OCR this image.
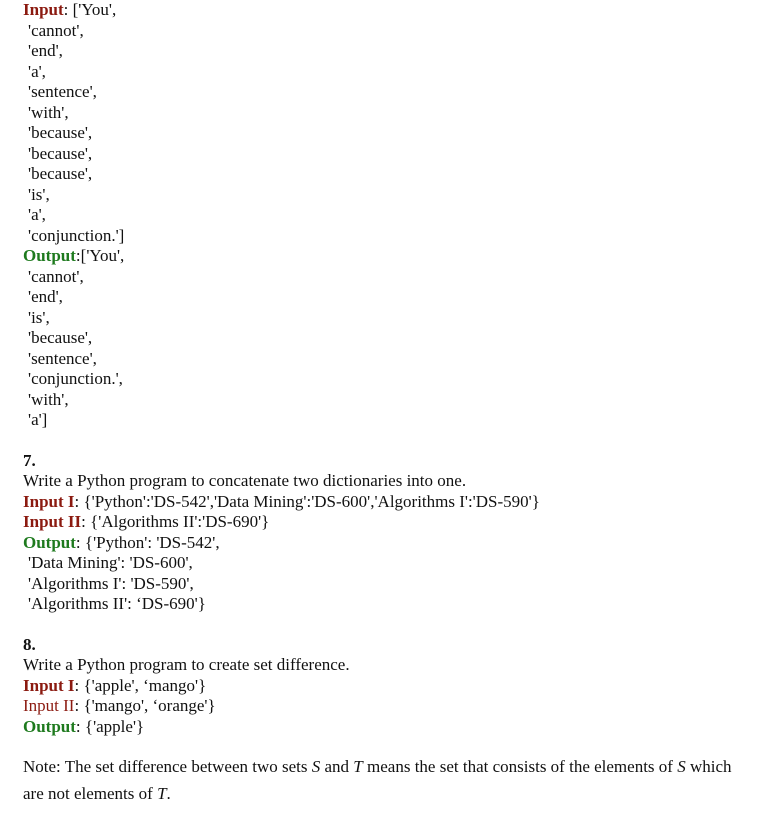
Input: ['You',
'cannot',
'end',
'a',
'sentence',
'with',
'because',
'because',
'because',
'is',
'a',
'conjunction.']
Output:['You',
'cannot',
'end',
'is',
'because',
'sentence',
'conjunction.',
'with',
'a']
7.
Write a Python program to concatenate two dictionaries into one.
Input I: {'Python':'DS-542','Data Mining':'DS-600','Algorithms I':'DS-590'}
Input II: {'Algorithms II':'DS-690'}
Output: {'Python': 'DS-542',
'Data Mining': 'DS-600',
'Algorithms I': 'DS-590',
'Algorithms II': ‘DS-690'}
8.
Write a Python program to create set difference.
Input I: {'apple', ‘mango'}
Input II: {'mango', ‘orange'}
Output: {'apple'}
Note: The set difference between two sets S and T means the set that consists of the elements of S which are not elements of T.
